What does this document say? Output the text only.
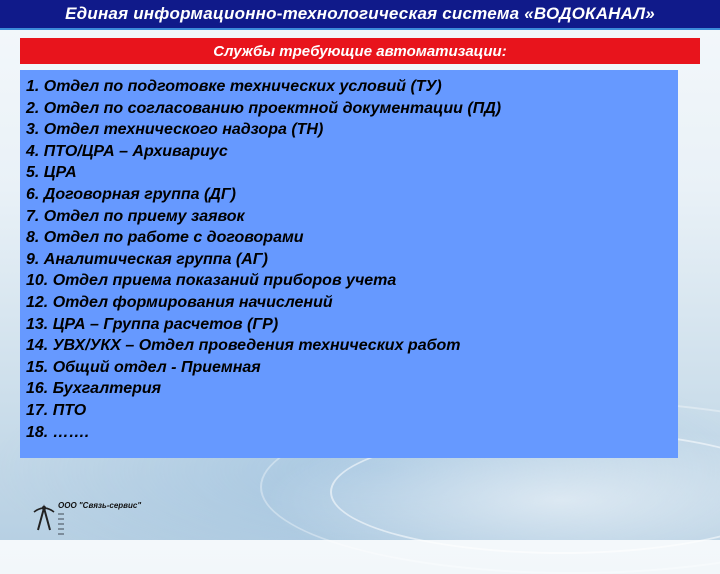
Единая информационно-технологическая система «ВОДОКАНАЛ»
Службы требующие автоматизации:
1. Отдел по подготовке технических условий (ТУ)
2. Отдел по согласованию проектной документации (ПД)
3. Отдел технического надзора (ТН)
4. ПТО/ЦРА – Архивариус
5. ЦРА
6. Договорная группа (ДГ)
7. Отдел по приему заявок
8. Отдел по работе с договорами
9. Аналитическая группа (АГ)
10. Отдел приема показаний приборов учета
12. Отдел формирования начислений
13. ЦРА – Группа расчетов (ГР)
14. УВХ/УКХ – Отдел проведения технических работ
15. Общий отдел - Приемная
16. Бухгалтерия
17. ПТО
18. …….
ООО "Связь-сервис"
